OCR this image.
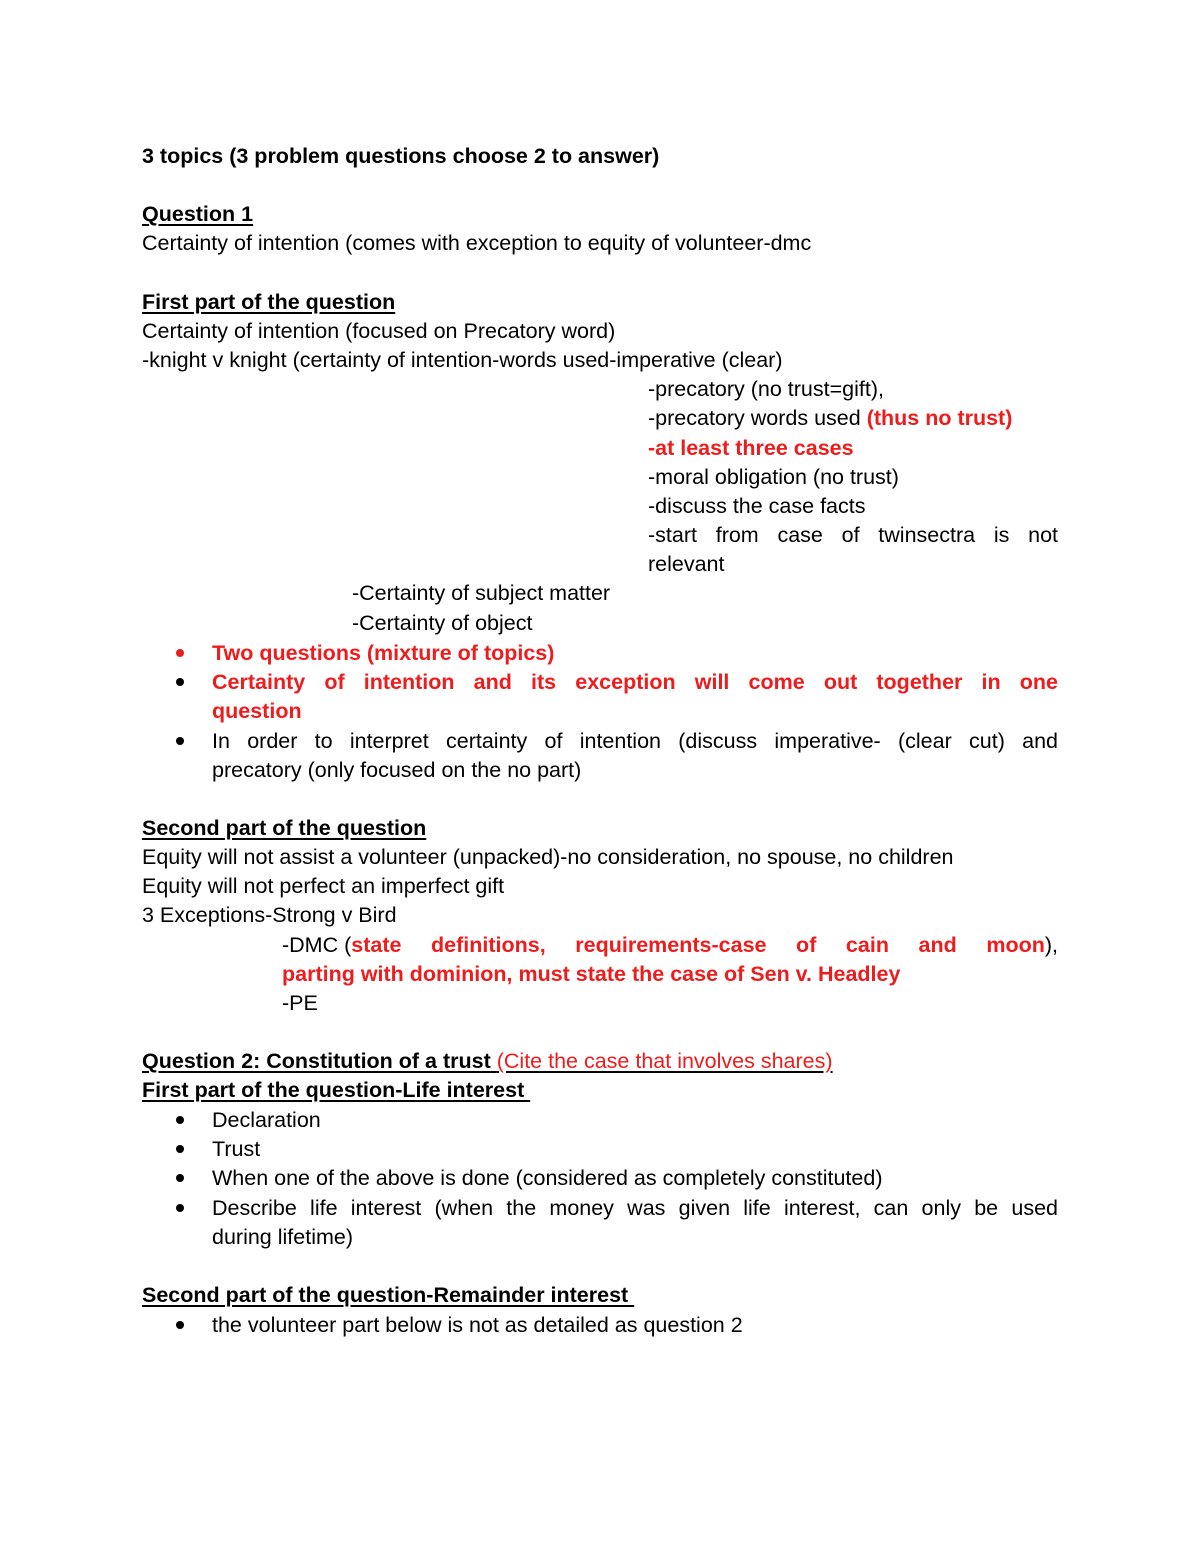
3 topics (3 problem questions choose 2 to answer)

Question 1

Certainty of intention (comes with exception to equity of volunteer-dmc

First part of the question

Certainty of intention (focused on Precatory word)

-knight v knight (certainty of intention-words used-imperative (clear)

-precatory (no trust=gift),

-precatory words used (thus no trust)

-at least three cases

-moral obligation (no trust)

-discuss the case facts

-start from case of twinsectra is not

relevant

-Certainty of subject matter

-Certainty of object

Two questions (mixture of topics)

Certainty of intention and its exception will come out together in one

question

In order to interpret certainty of intention (discuss imperative- (clear cut) and

precatory (only focused on the no part)

Second part of the question

Equity will not assist a volunteer (unpacked)-no consideration, no spouse, no children

Equity will not perfect an imperfect gift

3 Exceptions-Strong v Bird

-DMC ( state definitions, requirements-case of cain and moon ),

parting with dominion, must state the case of Sen v. Headley

-PE

Question 2: Constitution of a trust (Cite the case that involves shares)

First part of the question-Life interest

Declaration

Trust

When one of the above is done (considered as completely constituted)

Describe life interest (when the money was given life interest, can only be used

during lifetime)

Second part of the question-Remainder interest

the volunteer part below is not as detailed as question 2
